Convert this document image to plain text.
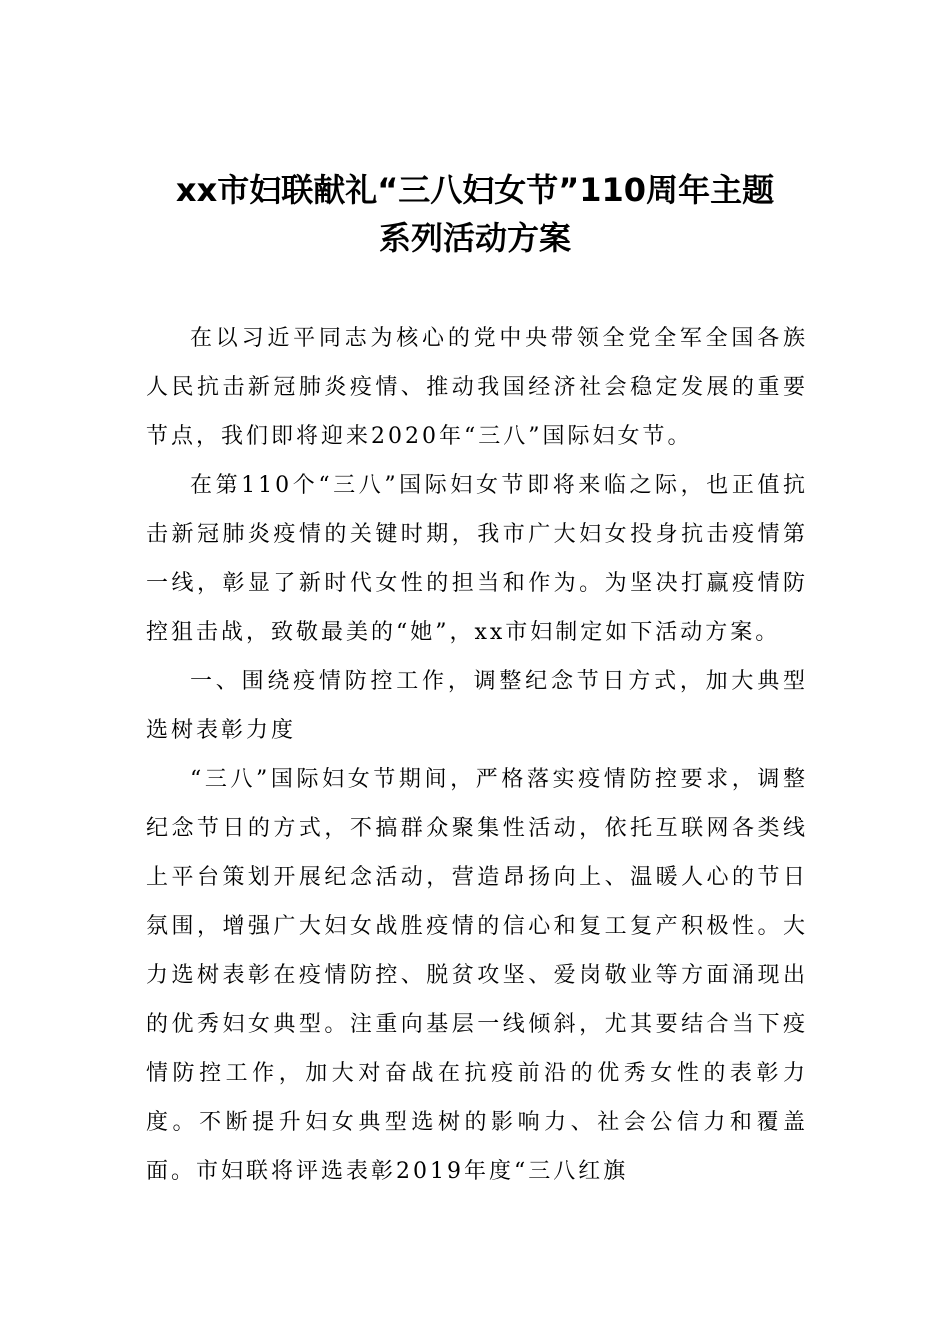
xx市妇联献礼“三八妇女节”110周年主题
系列活动方案

在以习近平同志为核心的党中央带领全党全军全国各族人民抗击新冠肺炎疫情、推动我国经济社会稳定发展的重要节点，我们即将迎来2020年“三八”国际妇女节。

在第110个“三八”国际妇女节即将来临之际，也正值抗击新冠肺炎疫情的关键时期，我市广大妇女投身抗击疫情第一线，彰显了新时代女性的担当和作为。为坚决打赢疫情防控狙击战，致敬最美的“她”，xx市妇制定如下活动方案。

一、围绕疫情防控工作，调整纪念节日方式，加大典型选树表彰力度

“三八”国际妇女节期间，严格落实疫情防控要求，调整纪念节日的方式，不搞群众聚集性活动，依托互联网各类线上平台策划开展纪念活动，营造昂扬向上、温暖人心的节日氛围，增强广大妇女战胜疫情的信心和复工复产积极性。大力选树表彰在疫情防控、脱贫攻坚、爱岗敬业等方面涌现出的优秀妇女典型。注重向基层一线倾斜，尤其要结合当下疫情防控工作，加大对奋战在抗疫前沿的优秀女性的表彰力度。不断提升妇女典型选树的影响力、社会公信力和覆盖面。市妇联将评选表彰2019年度“三八红旗
